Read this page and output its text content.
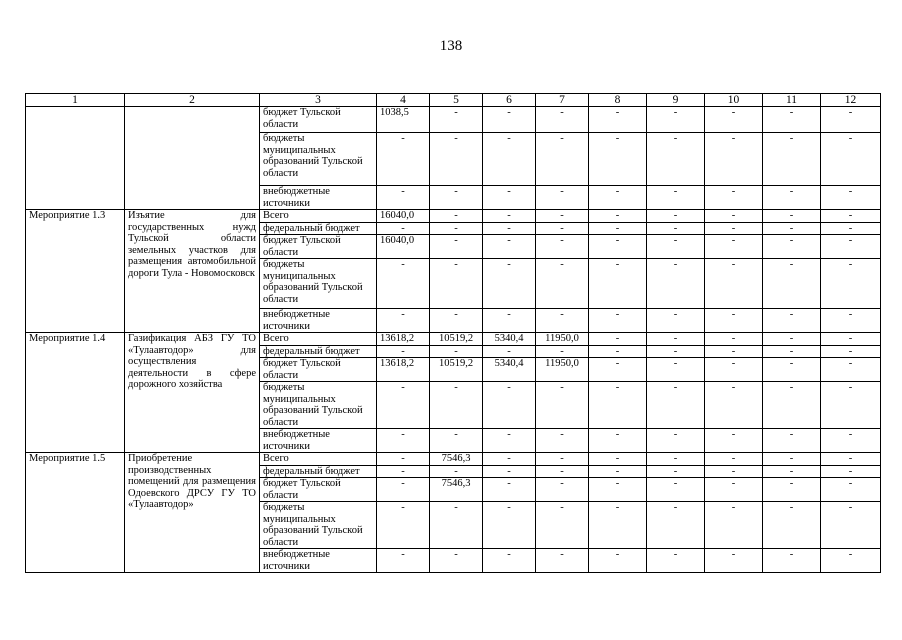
138
1	2	3	4	5	6	7	8	9	10	11	12
		бюджет Тульской области	1038,5	-	-	-	-	-	-	-	-
		бюджеты муниципальных образований Тульской области	-	-	-	-	-	-	-	-	-
		внебюджетные источники	-	-	-	-	-	-	-	-	-
Мероприятие 1.3	Изъятие для государственных нужд Тульской области земельных участков для размещения автомобильной дороги Тула - Новомосковск	Всего	16040,0	-	-	-	-	-	-	-	-
		федеральный бюджет	-	-	-	-	-	-	-	-	-
		бюджет Тульской области	16040,0	-	-	-	-	-	-	-	-
		бюджеты муниципальных образований Тульской области	-	-	-	-	-	-	-	-	-
		внебюджетные источники	-	-	-	-	-	-	-	-	-
Мероприятие 1.4	Газификация АБЗ ГУ ТО «Тулаавтодор» для осуществления деятельности в сфере дорожного хозяйства	Всего	13618,2	10519,2	5340,4	11950,0	-	-	-	-	-
		федеральный бюджет	-	-	-	-	-	-	-	-	-
		бюджет Тульской области	13618,2	10519,2	5340,4	11950,0	-	-	-	-	-
		бюджеты муниципальных образований Тульской области	-	-	-	-	-	-	-	-	-
		внебюджетные источники	-	-	-	-	-	-	-	-	-
Мероприятие 1.5	Приобретение производственных помещений для размещения Одоевского ДРСУ ГУ ТО «Тулаавтодор»	Всего	-	7546,3	-	-	-	-	-	-	-
		федеральный бюджет	-	-	-	-	-	-	-	-	-
		бюджет Тульской области	-	7546,3	-	-	-	-	-	-	-
		бюджеты муниципальных образований Тульской области	-	-	-	-	-	-	-	-	-
		внебюджетные источники	-	-	-	-	-	-	-	-	-
